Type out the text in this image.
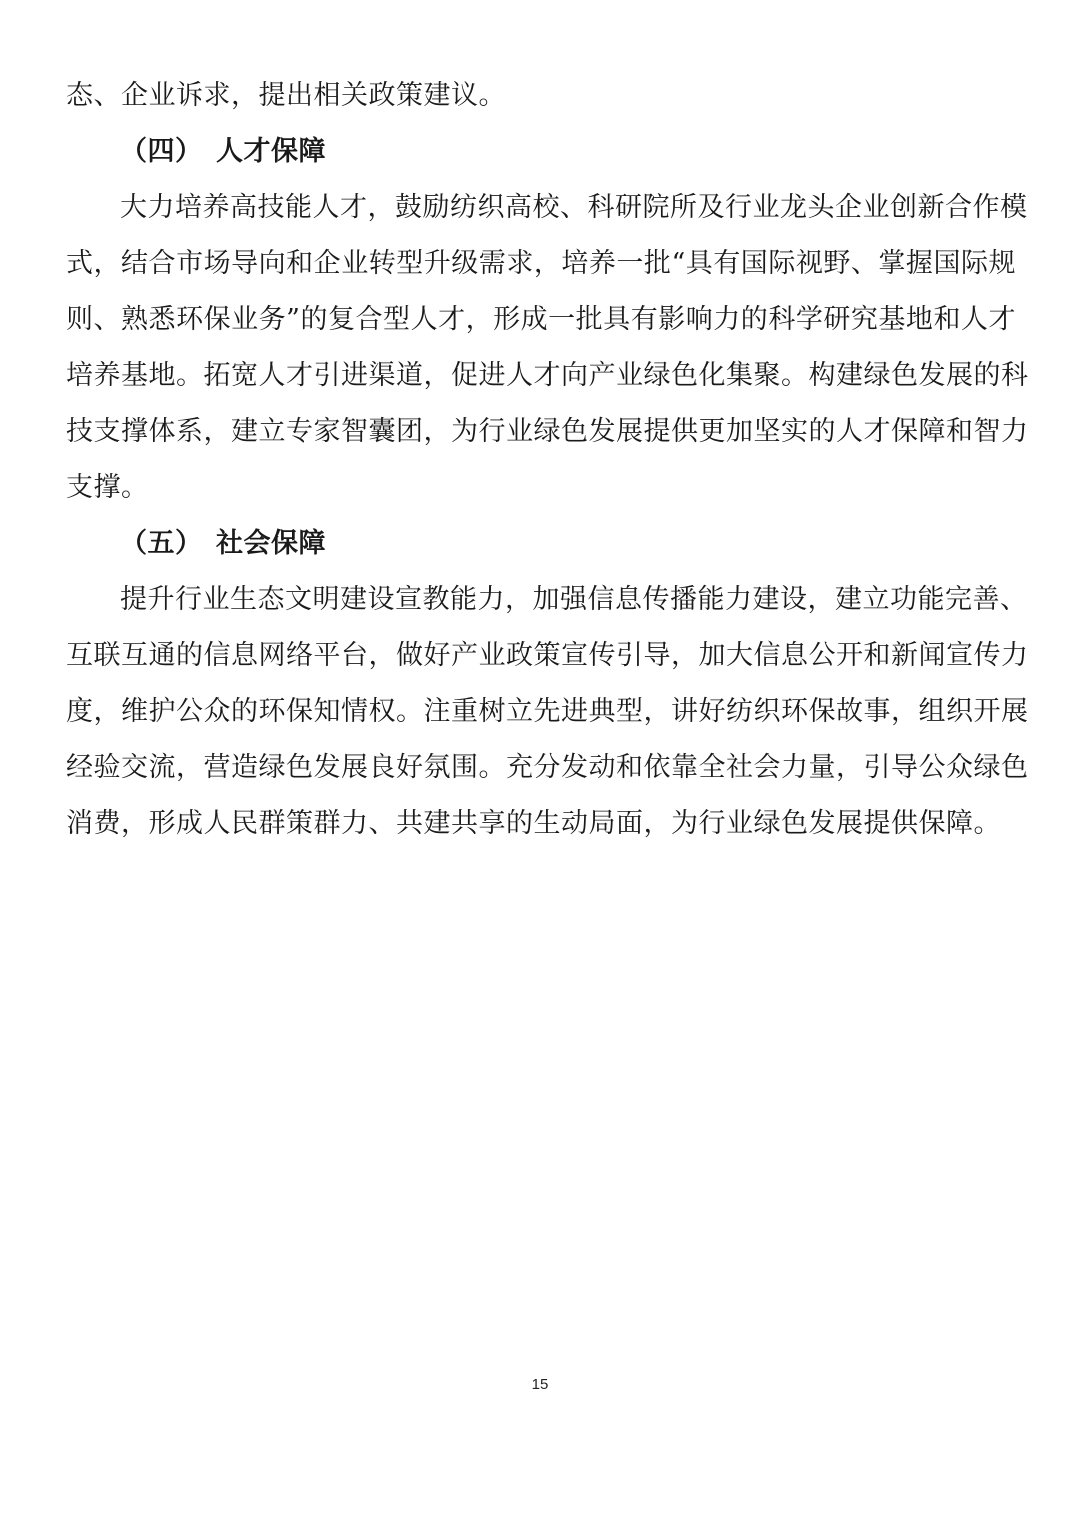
态、企业诉求，提出相关政策建议。
（四） 人才保障
大力培养高技能人才，鼓励纺织高校、科研院所及行业龙头企业创新合作模
式，结合市场导向和企业转型升级需求，培养一批“具有国际视野、掌握国际规
则、熟悉环保业务”的复合型人才，形成一批具有影响力的科学研究基地和人才
培养基地。拓宽人才引进渠道，促进人才向产业绿色化集聚。构建绿色发展的科
技支撑体系，建立专家智囊团，为行业绿色发展提供更加坚实的人才保障和智力
支撑。
（五） 社会保障
提升行业生态文明建设宣教能力，加强信息传播能力建设，建立功能完善、
互联互通的信息网络平台，做好产业政策宣传引导，加大信息公开和新闻宣传力
度，维护公众的环保知情权。注重树立先进典型，讲好纺织环保故事，组织开展
经验交流，营造绿色发展良好氛围。充分发动和依靠全社会力量，引导公众绿色
消费，形成人民群策群力、共建共享的生动局面，为行业绿色发展提供保障。
15
